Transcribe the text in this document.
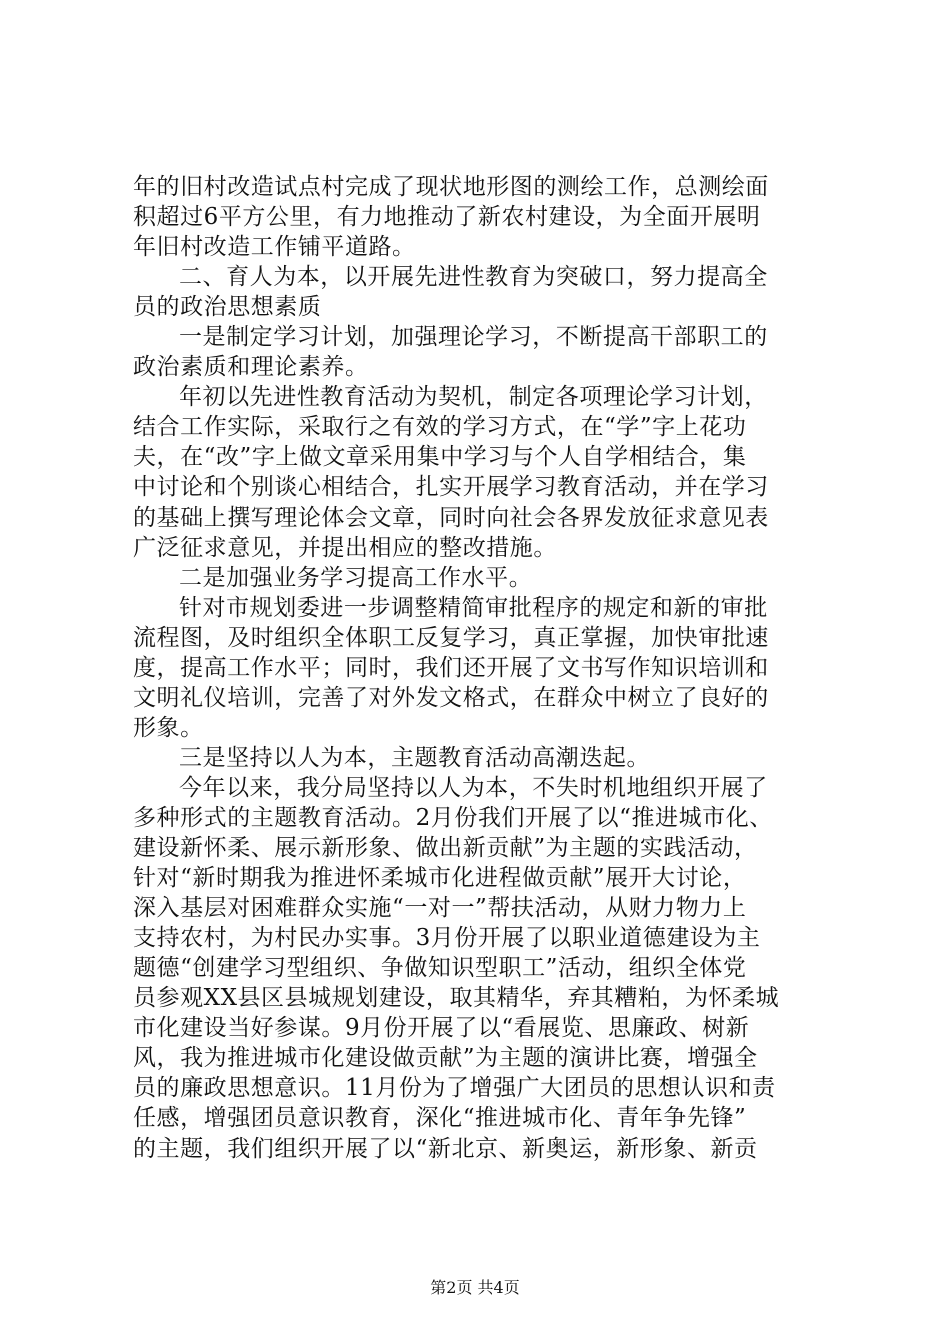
年的旧村改造试点村完成了现状地形图的测绘工作，总测绘面
积超过6平方公里，有力地推动了新农村建设，为全面开展明
年旧村改造工作铺平道路。
二、育人为本，以开展先进性教育为突破口，努力提高全
员的政治思想素质
一是制定学习计划，加强理论学习，不断提高干部职工的
政治素质和理论素养。
年初以先进性教育活动为契机，制定各项理论学习计划，
结合工作实际，采取行之有效的学习方式，在“学”字上花功
夫，在“改”字上做文章采用集中学习与个人自学相结合，集
中讨论和个别谈心相结合，扎实开展学习教育活动，并在学习
的基础上撰写理论体会文章，同时向社会各界发放征求意见表
广泛征求意见，并提出相应的整改措施。
二是加强业务学习提高工作水平。
针对市规划委进一步调整精简审批程序的规定和新的审批
流程图，及时组织全体职工反复学习，真正掌握，加快审批速
度，提高工作水平；同时，我们还开展了文书写作知识培训和
文明礼仪培训，完善了对外发文格式，在群众中树立了良好的
形象。
三是坚持以人为本，主题教育活动高潮迭起。
今年以来，我分局坚持以人为本，不失时机地组织开展了
多种形式的主题教育活动。2月份我们开展了以“推进城市化、
建设新怀柔、展示新形象、做出新贡献”为主题的实践活动，
针对“新时期我为推进怀柔城市化进程做贡献”展开大讨论，
深入基层对困难群众实施“一对一”帮扶活动，从财力物力上
支持农村，为村民办实事。3月份开展了以职业道德建设为主
题德“创建学习型组织、争做知识型职工”活动，组织全体党
员参观XX县区县城规划建设，取其精华，弃其糟粕，为怀柔城
市化建设当好参谋。9月份开展了以“看展览、思廉政、树新
风，我为推进城市化建设做贡献”为主题的演讲比赛，增强全
员的廉政思想意识。11月份为了增强广大团员的思想认识和责
任感，增强团员意识教育，深化“推进城市化、青年争先锋”
的主题，我们组织开展了以“新北京、新奥运，新形象、新贡
第2页 共4页
